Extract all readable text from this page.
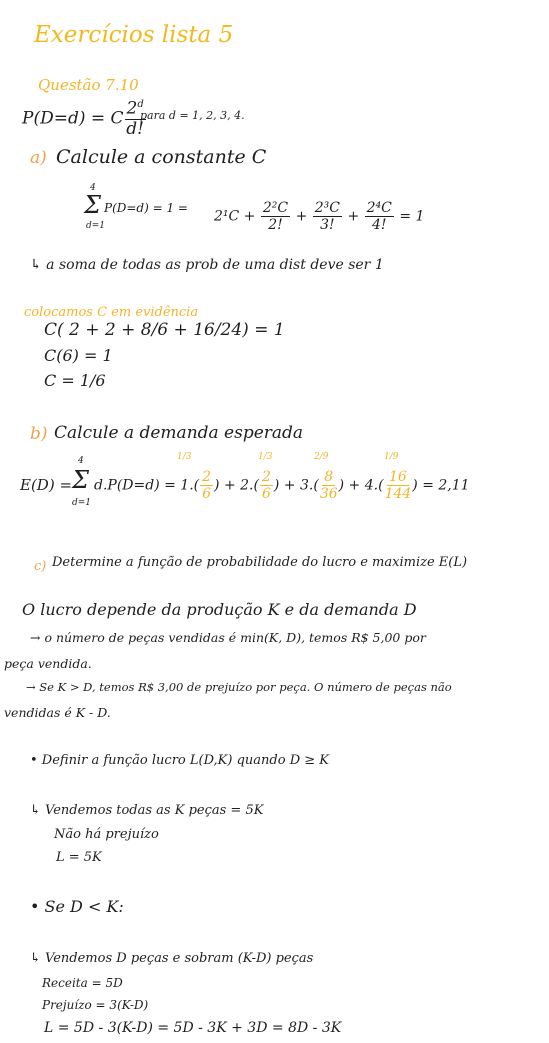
Exercícios lista 5
Questão 7.10
P(D=d) = C $\frac{2^d}{d!}$
para d = 1, 2, 3, 4.
a) Calcule a constante C
4
Σ
d=1
P(D=d) = 1 =
$2^1C + \frac{\text{2²C}}{2!} + \frac{\text{2³C}}{3!} + \frac{\text{2⁴C}}{4!} = 1$
↳ a soma de todas as prob de uma dist deve ser 1
colocamos C em evidência
C( 2 + 2 + 8/6 + 16/24) = 1
C(6) = 1
C = 1/6
b) Calcule a demanda esperada
1/3	1/3	2/9	1/9
E(D) =
4
Σ
d=1
$d.P(D=d) = 1.( \frac{2}{6}$ ) + $2.( \frac{2}{6}$ ) + $3.( \frac{8}{36}$ ) + $4.( \frac{16}{144}$ ) = 2,11
c) Determine a função de probabilidade do lucro e maximize E(L)
O lucro depende da produção K e da demanda D
→ o número de peças vendidas é min(K, D), temos R$ 5,00 por
peça vendida.
→ Se K > D, temos R$ 3,00 de prejuízo por peça. O número de peças não
vendidas é K - D.
• Definir a função lucro L(D,K) quando D ≥ K
↳ Vendemos todas as K peças = 5K
Não há prejuízo
L = 5K
• Se D < K:
↳ Vendemos D peças e sobram (K-D) peças
Receita = 5D
Prejuízo = 3(K-D)
L = 5D - 3(K-D) = 5D - 3K + 3D = 8D - 3K
